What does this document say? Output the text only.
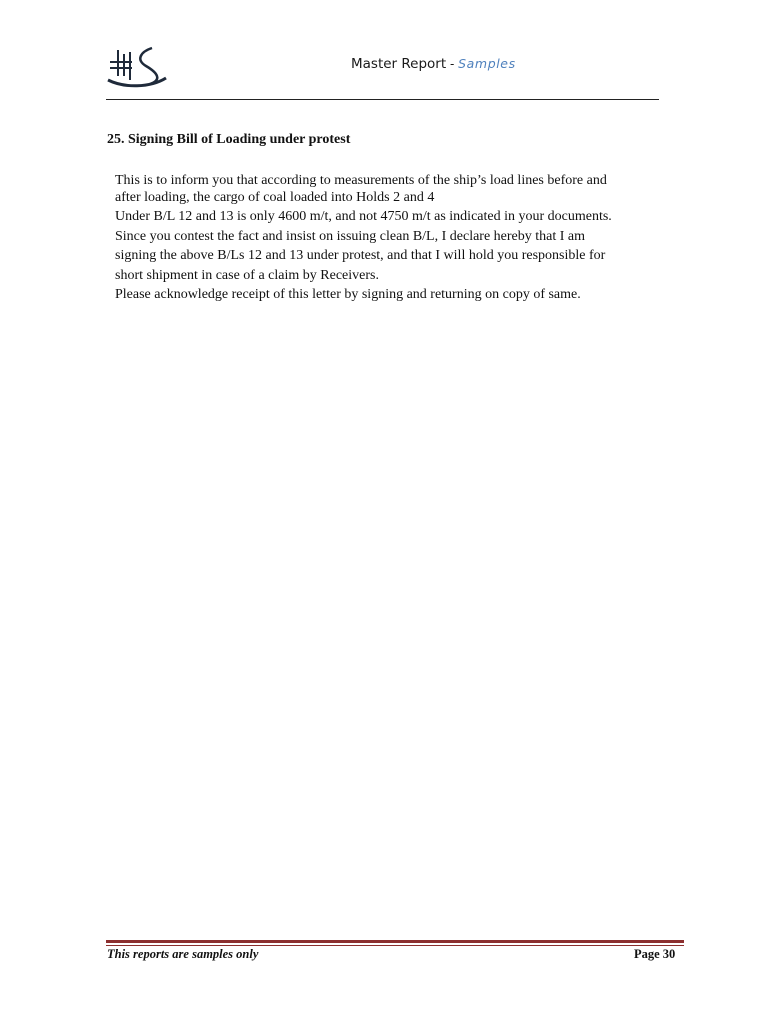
Master Report - Samples
25. Signing Bill of Loading under protest
This is to inform you that according to measurements of the ship’s load lines before and
after loading, the cargo of coal loaded into Holds 2 and 4
Under B/L 12 and 13 is only 4600 m/t, and not 4750 m/t as indicated in your documents.
Since you contest the fact and insist on issuing clean B/L, I declare hereby that I am
signing the above B/Ls 12 and 13 under protest, and that I will hold you responsible for
short shipment in case of a claim by Receivers.
Please acknowledge receipt of this letter by signing and returning on copy of same.
This reports are samples only	Page 30
